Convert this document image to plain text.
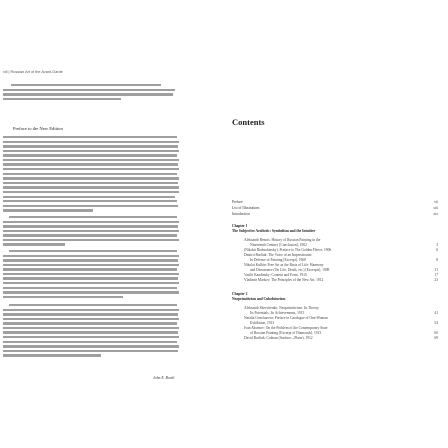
viii | Russian Art of the Avant-Garde
Preface to the New Edition
John E. Bowlt
Contents
Preface	vii
List of Illustrations	xiii
Introduction	xix
Chapter 1
The Subjective Aesthetic: Symbolism and the Intuitive
Aleksandr Benois: History of Russian Painting in the
Nineteenth Century [Conclusion], 1902	3
(Nikolai Riabushinsky): Preface to The Golden Fleece, 1906	6
Dmitrii Burliuk: The Voice of an Impressionist:
In Defense of Painting [Excerpt], 1908	8
Nikolai Kulbin: Free Art as the Basis of Life: Harmony
and Dissonance (On Life, Death, etc.) [Excerpts], 1908	11
Vasilii Kandinsky: Content and Form, 1910	17
Vladimir Markov: The Principles of the New Art, 1912	23
Chapter 2
Neoprimitivism and Cubofuturism
Aleksandr Shevchenko: Neoprimitivism: Its Theory,
Its Potentials, Its Achievements, 1913	41
Natalia Goncharova: Preface to Catalogue of One-Woman
Exhibition, 1913	54
Ivan Aksenov: On the Problem of the Contemporary State
of Russian Painting [Excerpt of Diamonds], 1913	60
David Burliuk: Cubism (Surface—Plane), 1912	69
